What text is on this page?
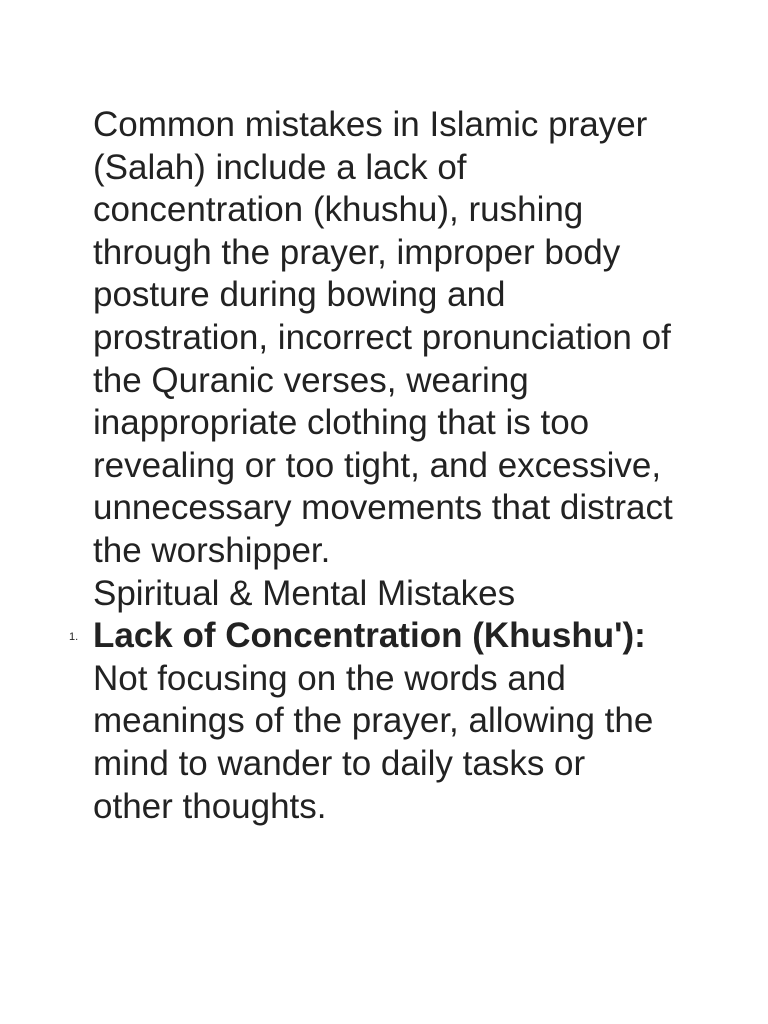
Common mistakes in Islamic prayer (Salah) include a lack of concentration (khushu), rushing through the prayer, improper body posture during bowing and prostration, incorrect pronunciation of the Quranic verses, wearing inappropriate clothing that is too revealing or too tight, and excessive, unnecessary movements that distract the worshipper.

Spiritual & Mental Mistakes
1. Lack of Concentration (Khushu'): Not focusing on the words and meanings of the prayer, allowing the mind to wander to daily tasks or other thoughts.
